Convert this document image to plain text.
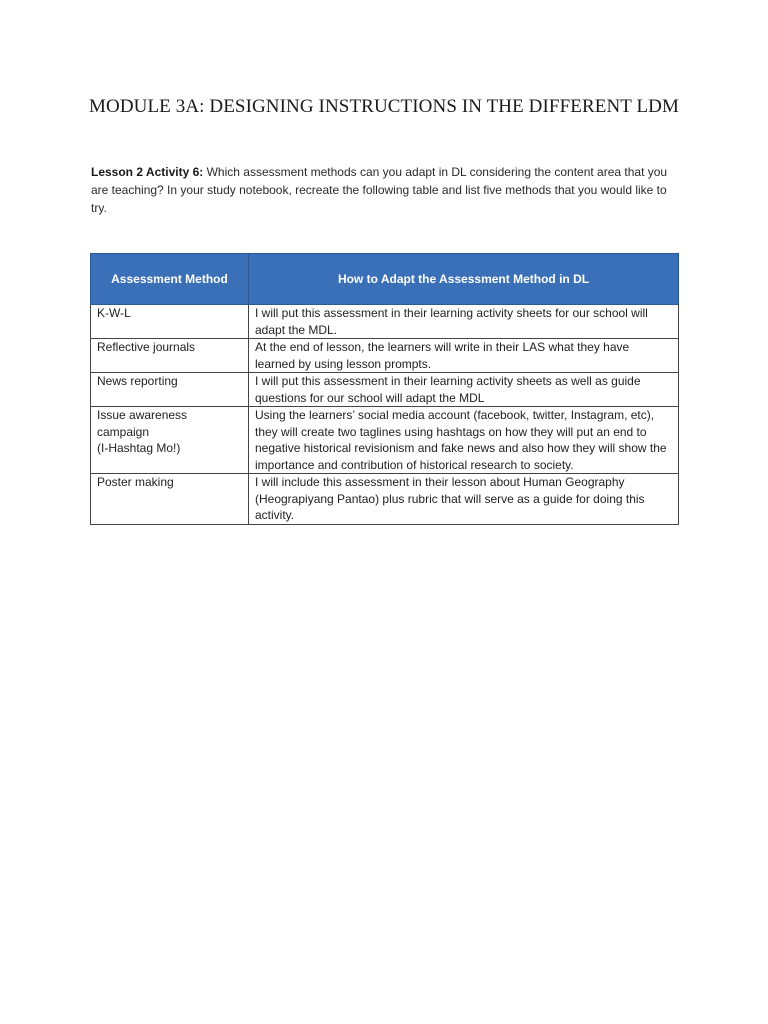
MODULE 3A: DESIGNING INSTRUCTIONS IN THE DIFFERENT LDM

Lesson 2 Activity 6: Which assessment methods can you adapt in DL considering the content area that you are teaching? In your study notebook, recreate the following table and list five methods that you would like to try.

Assessment Method	How to Adapt the Assessment Method in DL

K-W-L	I will put this assessment in their learning activity sheets for our school will adapt the MDL.

Reflective journals	At the end of lesson, the learners will write in their LAS what they have learned by using lesson prompts.

News reporting	I will put this assessment in their learning activity sheets as well as guide questions for our school will adapt the MDL

Issue awareness campaign
(I-Hashtag Mo!)	Using the learners’ social media account (facebook, twitter, Instagram, etc), they will create two taglines using hashtags on how they will put an end to negative historical revisionism and fake news and also how they will show the importance and contribution of historical research to society.

Poster making	I will include this assessment in their lesson about Human Geography (Heograpiyang Pantao) plus rubric that will serve as a guide for doing this activity.
